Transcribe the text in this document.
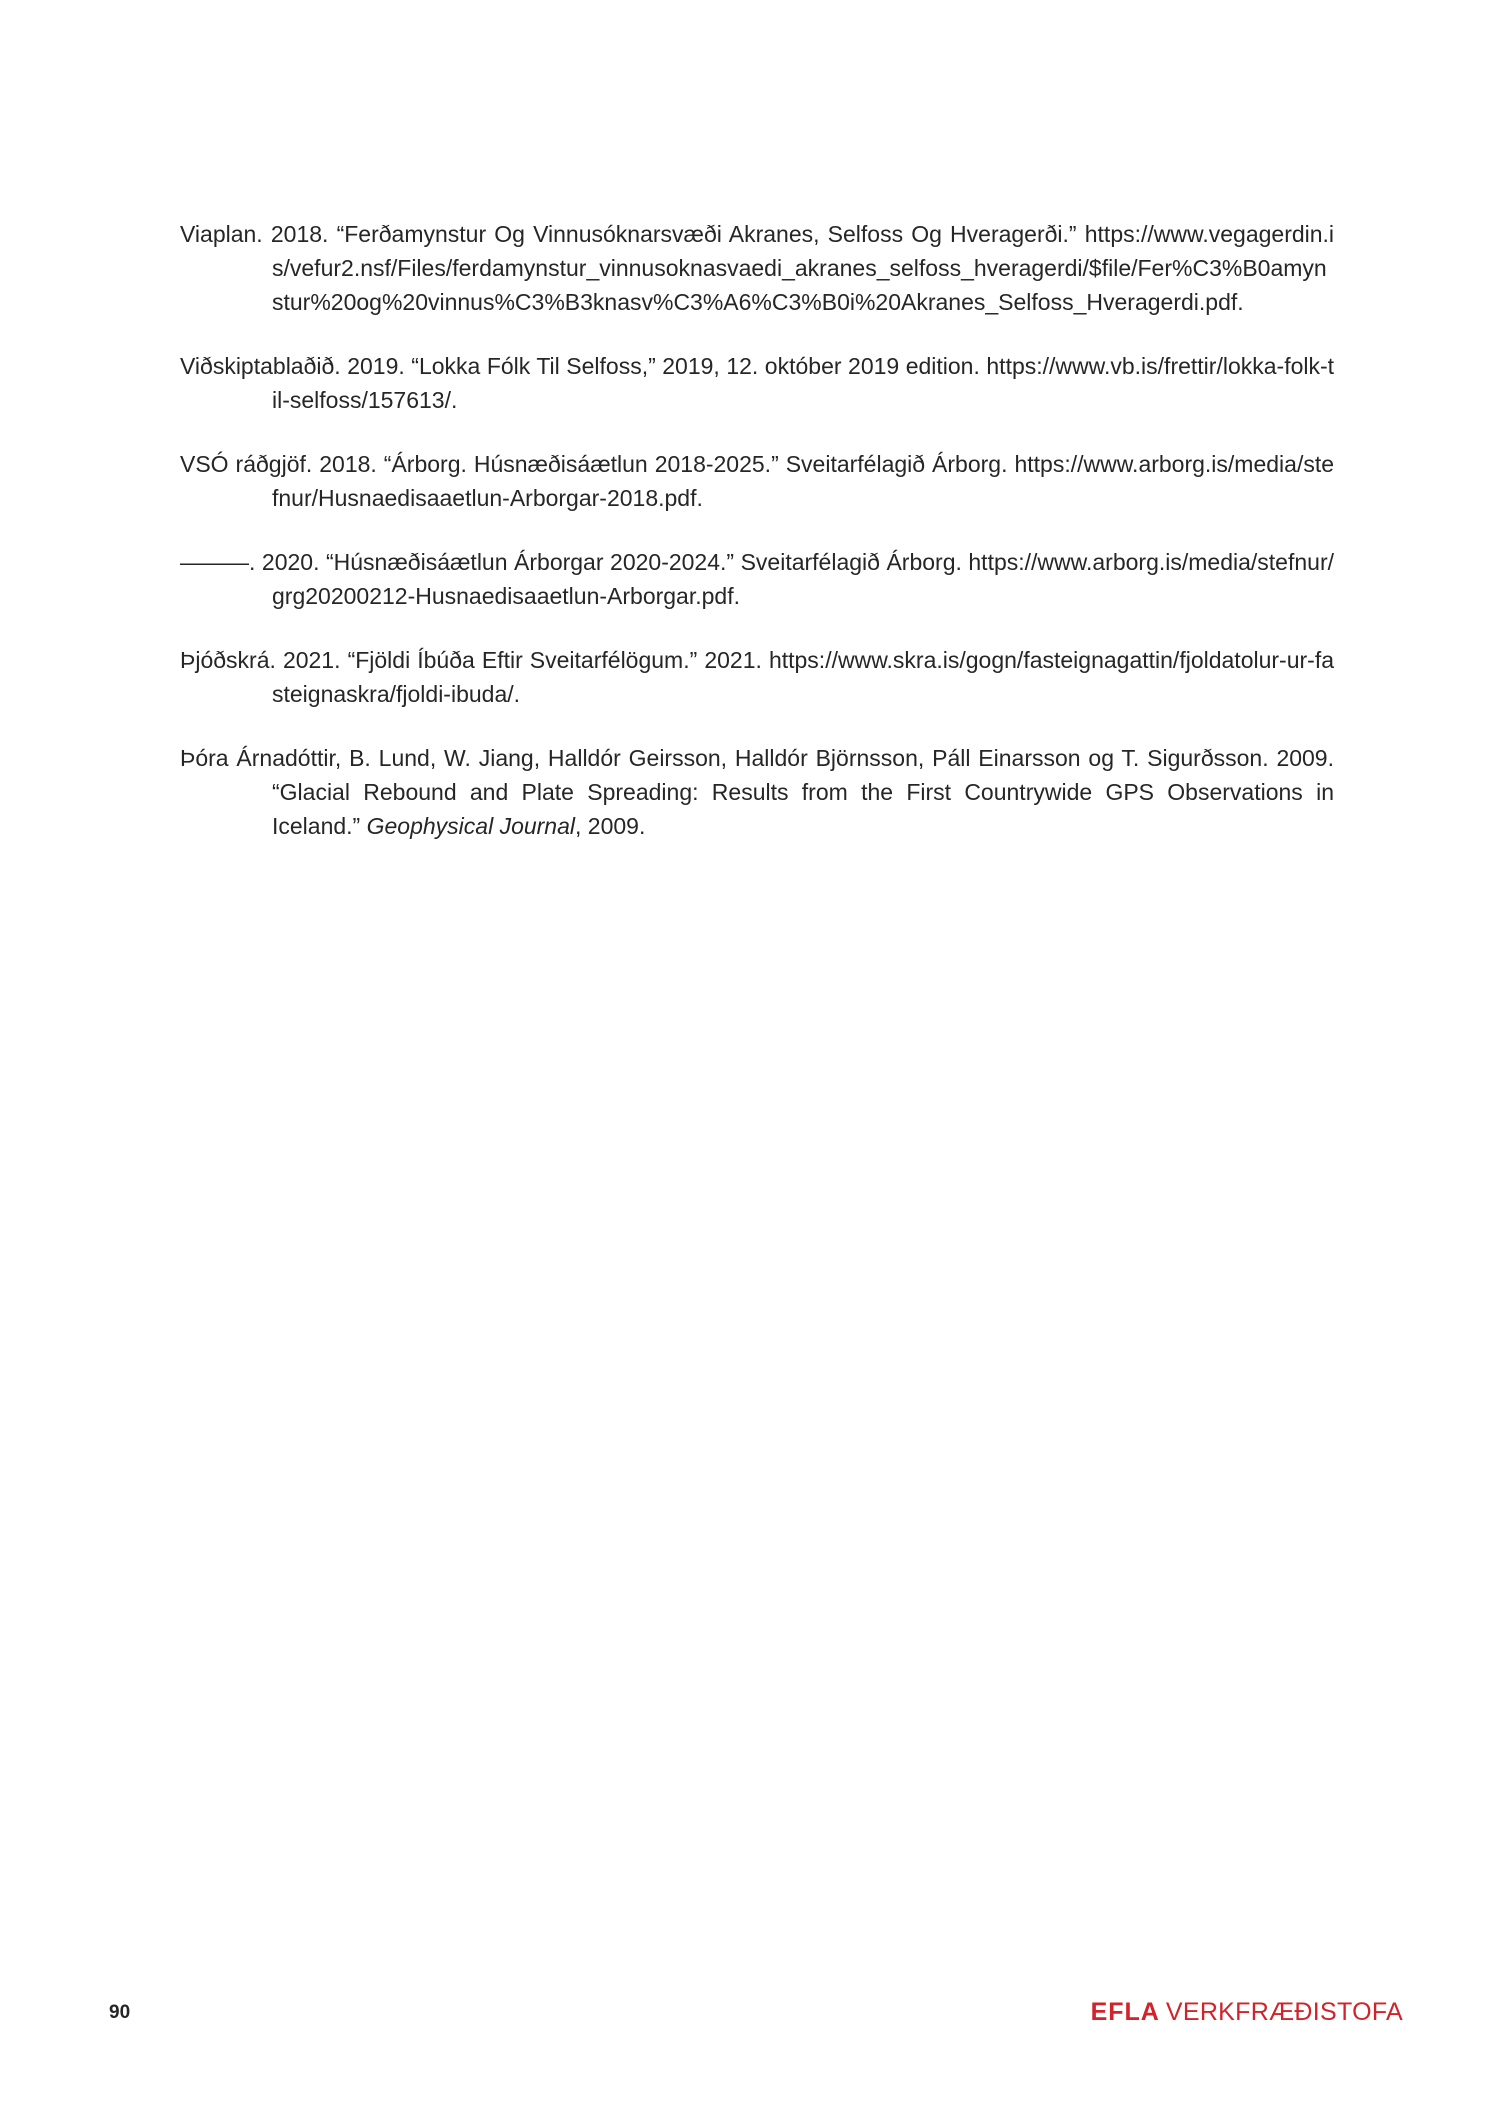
Viaplan. 2018. “Ferðamynstur Og Vinnusóknarsvæði Akranes, Selfoss Og Hveragerði.” https://www.vegagerdin.is/vefur2.nsf/Files/ferdamynstur_vinnusoknasvaedi_akranes_selfoss_hveragerdi/$file/Fer%C3%B0amynstur%20og%20vinnus%C3%B3knasv%C3%A6%C3%B0i%20Akranes_Selfoss_Hveragerdi.pdf.

Viðskiptablaðið. 2019. “Lokka Fólk Til Selfoss,” 2019, 12. október 2019 edition. https://www.vb.is/frettir/lokka-folk-til-selfoss/157613/.

VSÓ ráðgjöf. 2018. “Árborg. Húsnæðisáætlun 2018-2025.” Sveitarfélagið Árborg. https://www.arborg.is/media/stefnur/Husnaedisaaetlun-Arborgar-2018.pdf.

———. 2020. “Húsnæðisáætlun Árborgar 2020-2024.” Sveitarfélagið Árborg. https://www.arborg.is/media/stefnur/grg20200212-Husnaedisaaetlun-Arborgar.pdf.

Þjóðskrá. 2021. “Fjöldi Íbúða Eftir Sveitarfélögum.” 2021. https://www.skra.is/gogn/fasteignagattin/fjoldatolur-ur-fasteignaskra/fjoldi-ibuda/.

Þóra Árnadóttir, B. Lund, W. Jiang, Halldór Geirsson, Halldór Björnsson, Páll Einarsson og T. Sigurðsson. 2009. “Glacial Rebound and Plate Spreading: Results from the First Countrywide GPS Observations in Iceland.” Geophysical Journal, 2009.

90	EFLA VERKFRÆÐISTOFA
